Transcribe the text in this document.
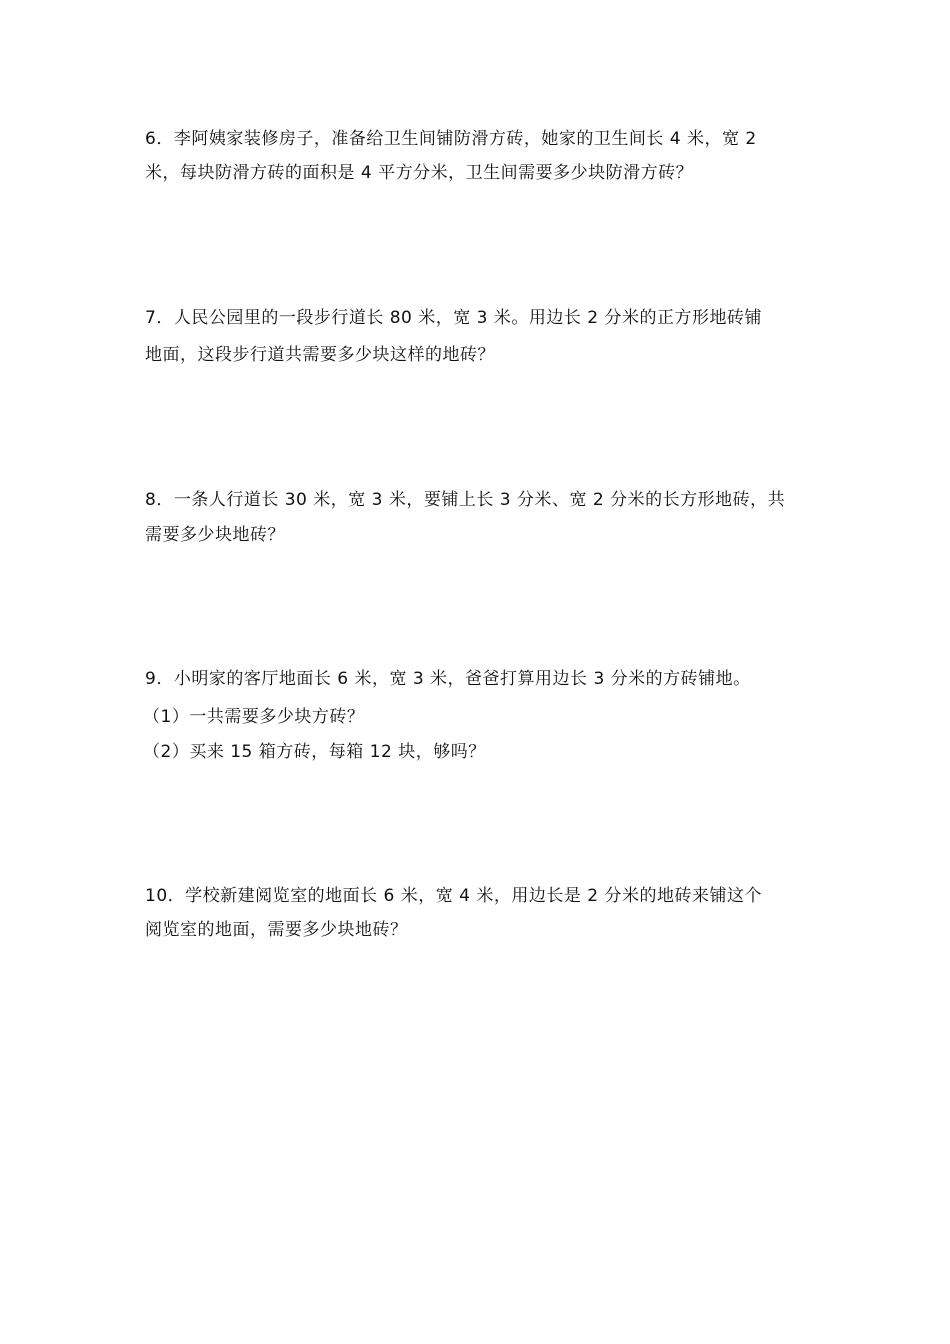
6．李阿姨家装修房子，准备给卫生间铺防滑方砖，她家的卫生间长 4 米，宽 2
米，每块防滑方砖的面积是 4 平方分米，卫生间需要多少块防滑方砖？
7．人民公园里的一段步行道长 80 米，宽 3 米。用边长 2 分米的正方形地砖铺
地面，这段步行道共需要多少块这样的地砖？
8．一条人行道长 30 米，宽 3 米，要铺上长 3 分米、宽 2 分米的长方形地砖，共
需要多少块地砖？
9．小明家的客厅地面长 6 米，宽 3 米，爸爸打算用边长 3 分米的方砖铺地。
（1）一共需要多少块方砖？
（2）买来 15 箱方砖，每箱 12 块，够吗？
10．学校新建阅览室的地面长 6 米，宽 4 米，用边长是 2 分米的地砖来铺这个
阅览室的地面，需要多少块地砖？
